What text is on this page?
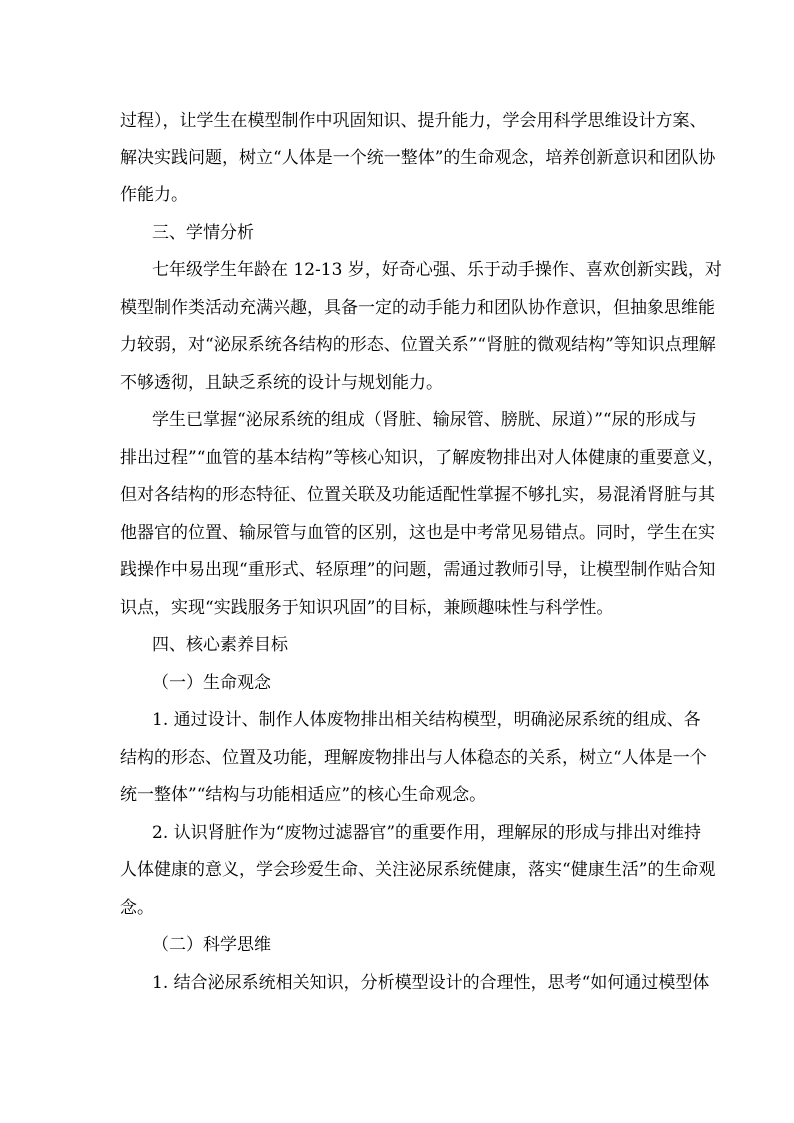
过程），让学生在模型制作中巩固知识、提升能力，学会用科学思维设计方案、
解决实践问题，树立“人体是一个统一整体”的生命观念，培养创新意识和团队协
作能力。
三、学情分析
七年级学生年龄在 12-13 岁，好奇心强、乐于动手操作、喜欢创新实践，对
模型制作类活动充满兴趣，具备一定的动手能力和团队协作意识，但抽象思维能
力较弱，对“泌尿系统各结构的形态、位置关系”“肾脏的微观结构”等知识点理解
不够透彻，且缺乏系统的设计与规划能力。
学生已掌握“泌尿系统的组成（肾脏、输尿管、膀胱、尿道）”“尿的形成与
排出过程”“血管的基本结构”等核心知识，了解废物排出对人体健康的重要意义，
但对各结构的形态特征、位置关联及功能适配性掌握不够扎实，易混淆肾脏与其
他器官的位置、输尿管与血管的区别，这也是中考常见易错点。同时，学生在实
践操作中易出现“重形式、轻原理”的问题，需通过教师引导，让模型制作贴合知
识点，实现“实践服务于知识巩固”的目标，兼顾趣味性与科学性。
四、核心素养目标
（一）生命观念
1. 通过设计、制作人体废物排出相关结构模型，明确泌尿系统的组成、各
结构的形态、位置及功能，理解废物排出与人体稳态的关系，树立“人体是一个
统一整体”“结构与功能相适应”的核心生命观念。
2. 认识肾脏作为“废物过滤器官”的重要作用，理解尿的形成与排出对维持
人体健康的意义，学会珍爱生命、关注泌尿系统健康，落实“健康生活”的生命观
念。
（二）科学思维
1. 结合泌尿系统相关知识，分析模型设计的合理性，思考“如何通过模型体
